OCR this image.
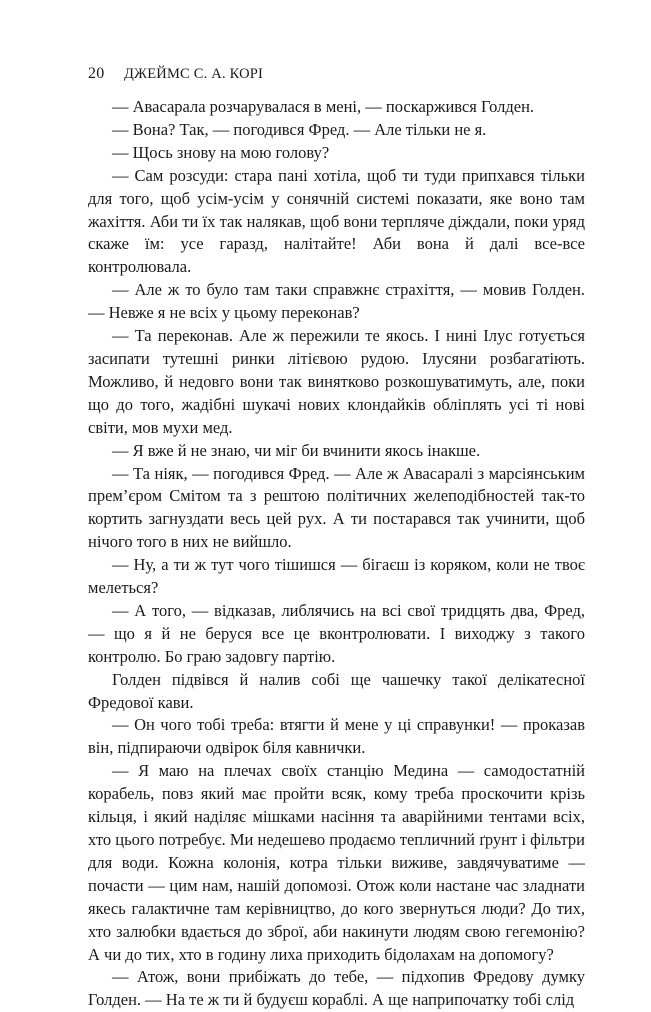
20 ДЖЕЙМС С. А. КОРІ

— Авасарала розчарувалася в мені, — поскаржився Голден.

— Вона? Так, — погодився Фред. — Але тільки не я.

— Щось знову на мою голову?

— Сам розсуди: стара пані хотіла, щоб ти туди припхався тільки для того, щоб усім-усім у сонячній системі показати, яке воно там жахіття. Аби ти їх так налякав, щоб вони терпляче діждали, поки уряд скаже їм: усе гаразд, налітайте! Аби вона й далі все-все контролювала.

— Але ж то було там таки справжнє страхіття, — мовив Голден. — Невже я не всіх у цьому переконав?

— Та переконав. Але ж пережили те якось. І нині Ілус готується засипати тутешні ринки літієвою рудою. Ілусяни розбагатіють. Можливо, й недовго вони так винятково розкошуватимуть, але, поки що до того, жадібні шукачі нових клондайків обліплять усі ті нові світи, мов мухи мед.

— Я вже й не знаю, чи міг би вчинити якось інакше.

— Та ніяк, — погодився Фред. — Але ж Авасаралі з марсіянським прем’єром Смітом та з рештою політичних желеподібностей так-то кортить загнуздати весь цей рух. А ти постарався так учинити, щоб нічого того в них не вийшло.

— Ну, а ти ж тут чого тішишся — бігаєш із коряком, коли не твоє мелеться?

— А того, — відказав, либлячись на всі свої тридцять два, Фред, — що я й не беруся все це вконтролювати. І виходжу з такого контролю. Бо граю задовгу партію.

Голден підвівся й налив собі ще чашечку такої делікатесної Фредової кави.

— Он чого тобі треба: втягти й мене у ці справунки! — проказав він, підпираючи одвірок біля кавнички.

— Я маю на плечах своїх станцію Медина — самодостатній корабель, повз який має пройти всяк, кому треба проскочити крізь кільця, і який наділяє мішками насіння та аварійними тентами всіх, хто цього потребує. Ми недешево продаємо тепличний ґрунт і фільтри для води. Кожна колонія, котра тільки виживе, завдячуватиме — почасти — цим нам, нашій допомозі. Отож коли настане час зладнати якесь галактичне там керівництво, до кого звернуться люди? До тих, хто залюбки вдається до зброї, аби накинути людям свою гегемонію? А чи до тих, хто в годину лиха приходить бідолахам на допомогу?

— Атож, вони прибіжать до тебе, — підхопив Фредову думку Голден. — На те ж ти й будуєш кораблі. А ще наприпочатку тобі слід
